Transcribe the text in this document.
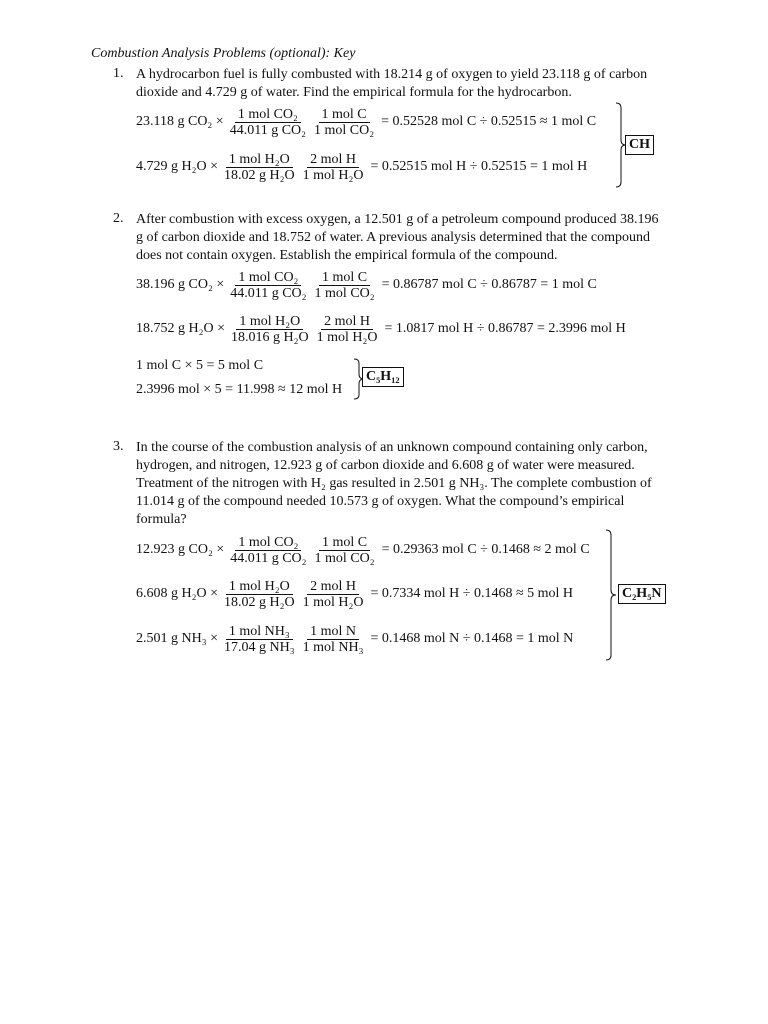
Combustion Analysis Problems (optional): Key
1. A hydrocarbon fuel is fully combusted with 18.214 g of oxygen to yield 23.118 g of carbon
dioxide and 4.729 g of water. Find the empirical formula for the hydrocarbon.
23.118 g $CO_2 \times \frac{\text{1 mol CO₂}}{\text{44.011 g CO₂}} \frac{\text{1 mol C}}{\text{1 mol CO₂}} = 0.52528$ mol C ÷ 0.52515 ≈ 1 mol C
4.729 g $H_2O \times \frac{\text{1 mol H₂O}}{\text{18.02 g H₂O}} \frac{\text{2 mol H}}{\text{1 mol H₂O}} = 0.52515$ mol H ÷ 0.52515 = 1 mol H
CH
2. After combustion with excess oxygen, a 12.501 g of a petroleum compound produced 38.196
g of carbon dioxide and 18.752 of water. A previous analysis determined that the compound
does not contain oxygen. Establish the empirical formula of the compound.
38.196 g $CO_2 \times \frac{\text{1 mol CO₂}}{\text{44.011 g CO₂}} \frac{\text{1 mol C}}{\text{1 mol CO₂}} = 0.86787$ mol C ÷ 0.86787 = 1 mol C
18.752 g $H_2O \times \frac{\text{1 mol H₂O}}{\text{18.016 g H₂O}} \frac{\text{2 mol H}}{\text{1 mol H₂O}} = 1.0817$ mol H ÷ 0.86787 = 2.3996 mol H
1 mol C × 5 = 5 mol C
2.3996 mol × 5 = 11.998 ≈ 12 mol H
C₅H₁₂
3. In the course of the combustion analysis of an unknown compound containing only carbon,
hydrogen, and nitrogen, 12.923 g of carbon dioxide and 6.608 g of water were measured.
Treatment of the nitrogen with H₂ gas resulted in 2.501 g NH₃. The complete combustion of
11.014 g of the compound needed 10.573 g of oxygen. What the compound’s empirical
formula?
12.923 g $CO_2 \times \frac{\text{1 mol CO₂}}{\text{44.011 g CO₂}} \frac{\text{1 mol C}}{\text{1 mol CO₂}} = 0.29363$ mol C ÷ 0.1468 ≈ 2 mol C
6.608 g $H_2O \times \frac{\text{1 mol H₂O}}{\text{18.02 g H₂O}} \frac{\text{2 mol H}}{\text{1 mol H₂O}} = 0.7334$ mol H ÷ 0.1468 ≈ 5 mol H
2.501 g $NH_3 \times \frac{\text{1 mol NH₃}}{\text{17.04 g NH₃}} \frac{\text{1 mol N}}{\text{1 mol NH₃}} = 0.1468$ mol N ÷ 0.1468 = 1 mol N
C₂H₅N
